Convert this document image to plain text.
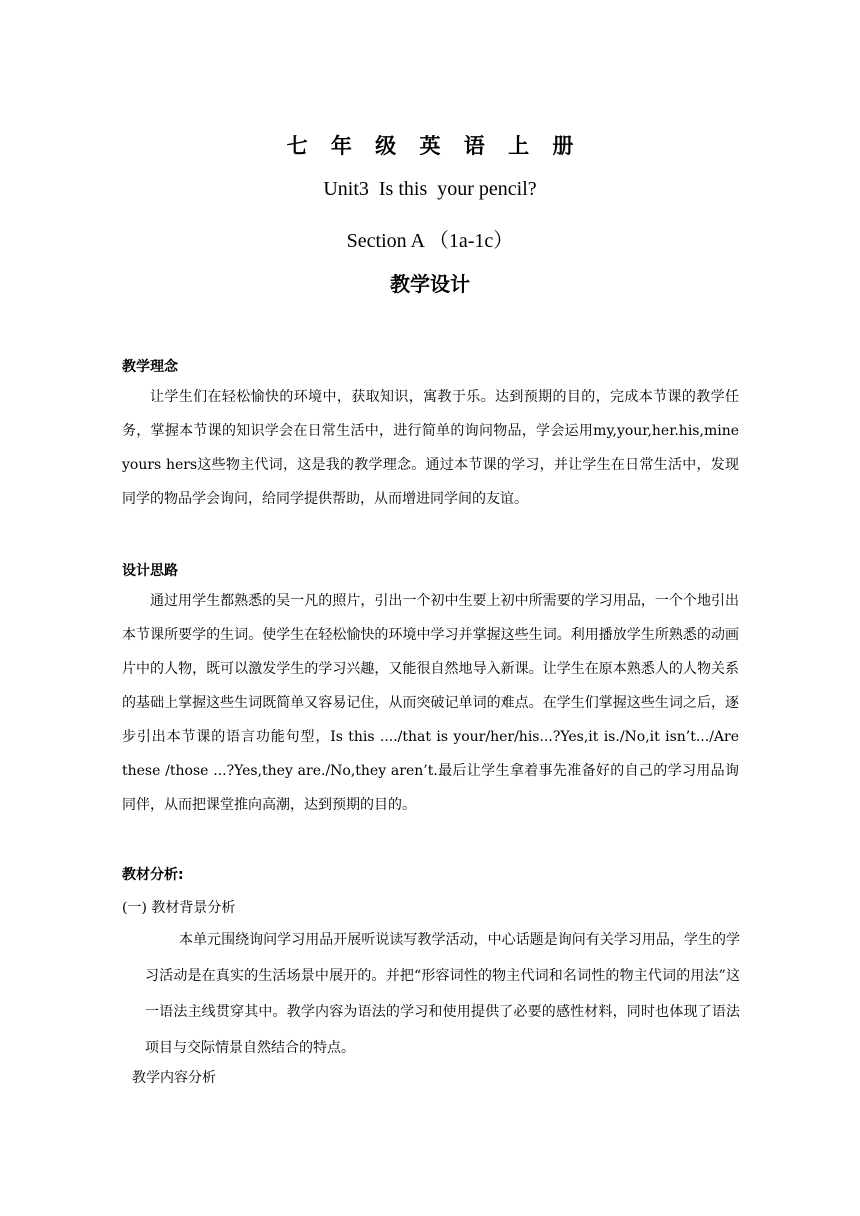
七 年 级 英 语 上 册
Unit3  Is this  your pencil?
Section A （1a-1c）
教学设计
教学理念
让学生们在轻松愉快的环境中，获取知识，寓教于乐。达到预期的目的，完成本节课的教学任务，掌握本节课的知识学会在日常生活中，进行简单的询问物品，学会运用my,your,her.his,mine yours hers这些物主代词，这是我的教学理念。通过本节课的学习，并让学生在日常生活中，发现同学的物品学会询问，给同学提供帮助，从而增进同学间的友谊。
设计思路
通过用学生都熟悉的吴一凡的照片，引出一个初中生要上初中所需要的学习用品，一个个地引出本节课所要学的生词。使学生在轻松愉快的环境中学习并掌握这些生词。利用播放学生所熟悉的动画片中的人物，既可以激发学生的学习兴趣，又能很自然地导入新课。让学生在原本熟悉人的人物关系的基础上掌握这些生词既简单又容易记住，从而突破记单词的难点。在学生们掌握这些生词之后，逐步引出本节课的语言功能句型，Is this ..../that is your/her/his...?Yes,it is./No,it isn’t.../Are these /those ...?Yes,they are./No,they aren’t.最后让学生拿着事先准备好的自己的学习用品询同伴，从而把课堂推向高潮，达到预期的目的。
教材分析:
(一) 教材背景分析
本单元围绕询问学习用品开展听说读写教学活动，中心话题是询问有关学习用品，学生的学习活动是在真实的生活场景中展开的。并把“形容词性的物主代词和名词性的物主代词的用法”这一语法主线贯穿其中。教学内容为语法的学习和使用提供了必要的感性材料，同时也体现了语法项目与交际情景自然结合的特点。
教学内容分析
